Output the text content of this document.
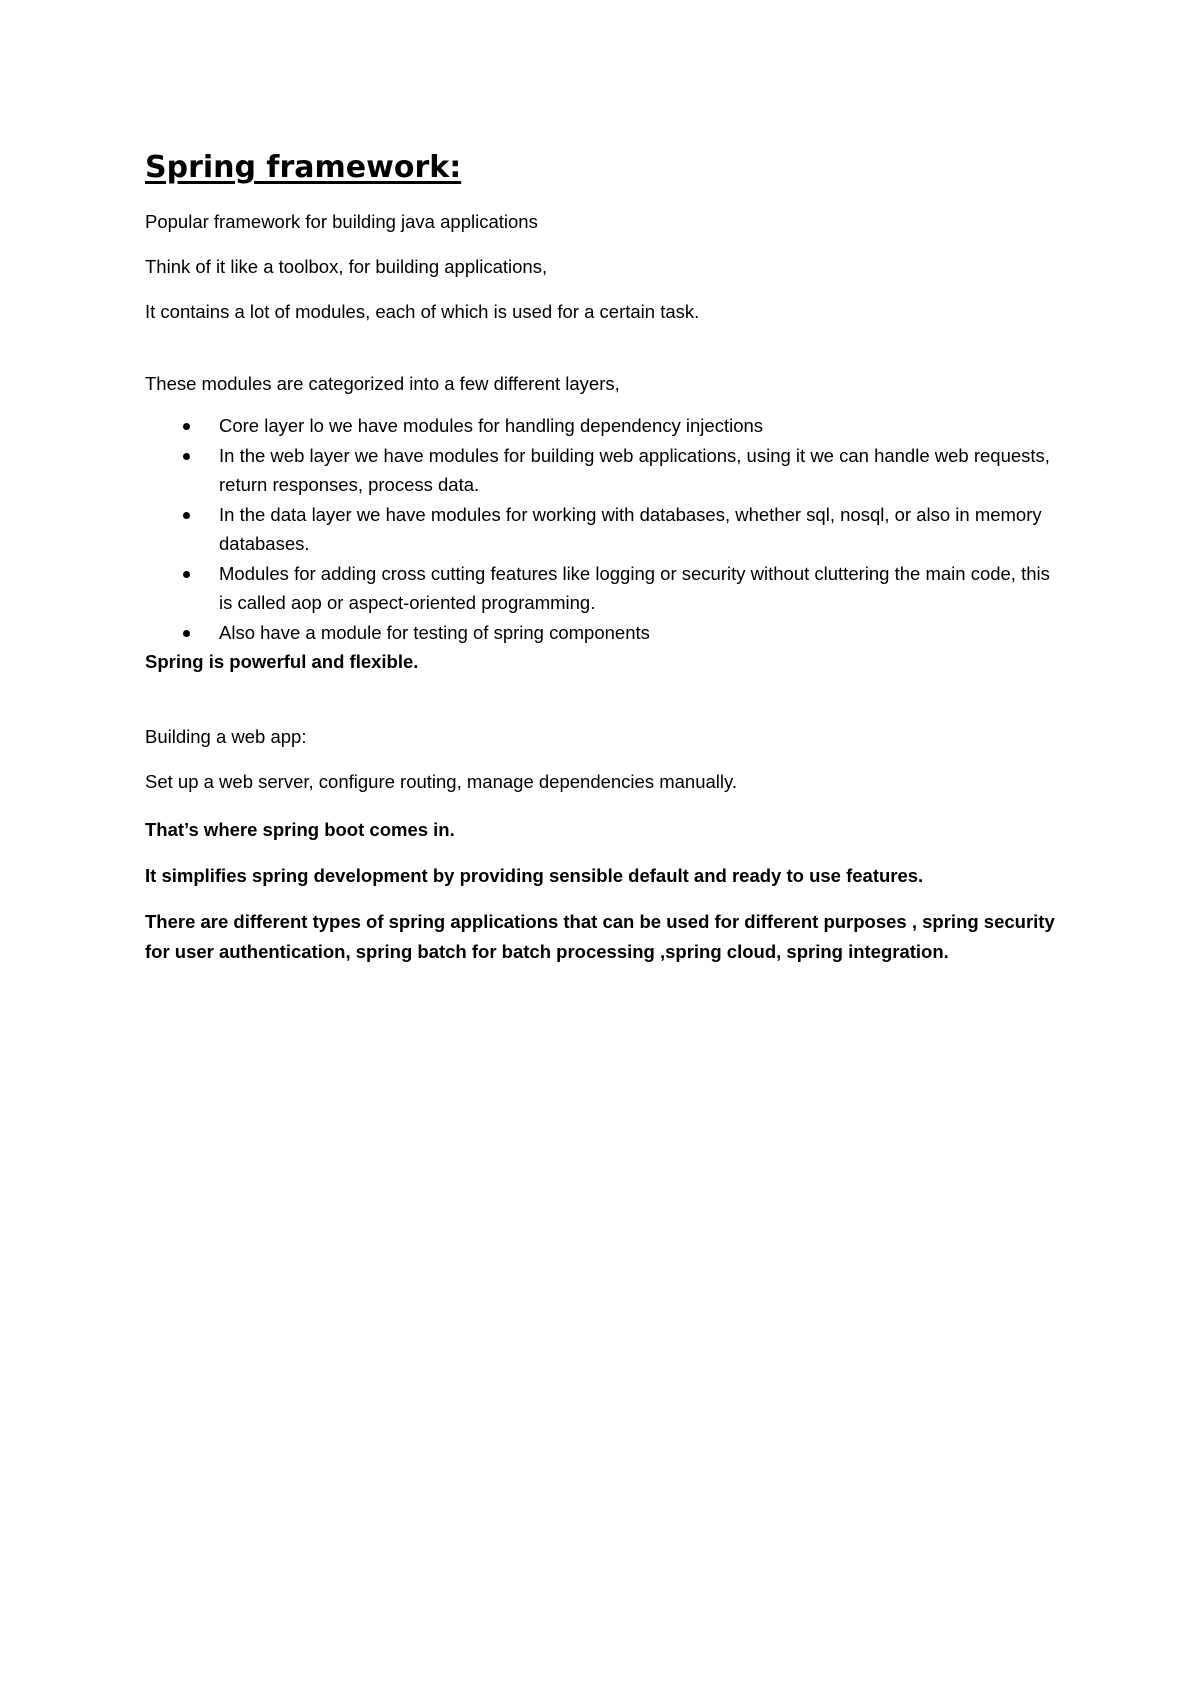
Spring framework:

Popular framework for building java applications

Think of it like a toolbox, for building applications,

It contains a lot of modules, each of which is used for a certain task.

These modules are categorized into a few different layers,

Core layer lo we have modules for handling dependency injections
In the web layer we have modules for building web applications, using it we can handle web requests, return responses, process data.
In the data layer we have modules for working with databases, whether sql, nosql, or also in memory databases.
Modules for adding cross cutting features like logging or security without cluttering the main code, this is called aop or aspect-oriented programming.
Also have a module for testing of spring components

Spring is powerful and flexible.

Building a web app:

Set up a web server, configure routing, manage dependencies manually.

That’s where spring boot comes in.

It simplifies spring development by providing sensible default and ready to use features.

There are different types of spring applications that can be used for different purposes , spring security for user authentication, spring batch for batch processing ,spring cloud, spring integration.
